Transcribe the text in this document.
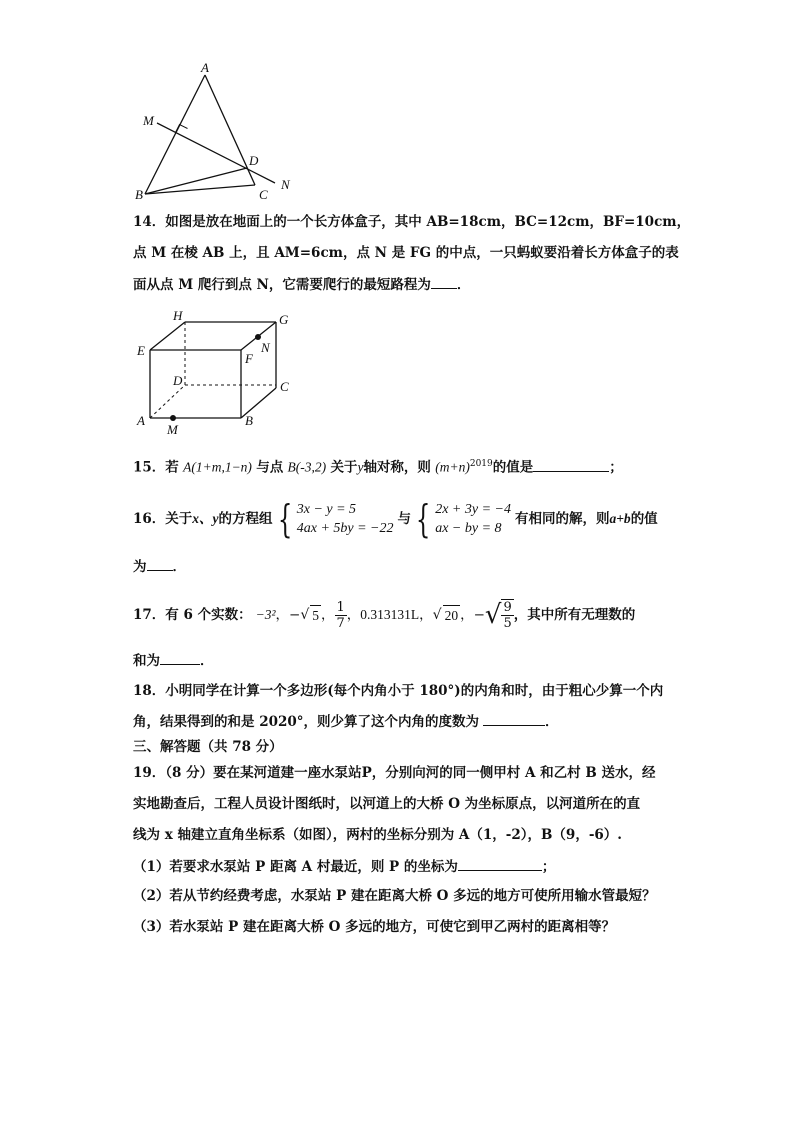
A
M
D
N
B	C
14．如图是放在地面上的一个长方体盒子，其中 AB=18cm，BC=12cm，BF=10cm，
点 M 在棱 AB 上，且 AM=6cm，点 N 是 FG 的中点，一只蚂蚁要沿着长方体盒子的表
面从点 M 爬行到点 N，它需要爬行的最短路程为 ．
H	G
E	N
F
D	C
A	B
M
15．若 A(1+m,1−n) 与点 B(-3,2) 关于y轴对称，则 $(m+n)^{2019}$的值是	；
16．关于 x、y 的方程组 { 3x − y = 5
4ax + 5by = −22
与 { 2x + 3y = −4
ax − by = 8
有相同的解，则 a+b 的值
为 ．
17．有 6 个实数： −3² ， − √ 5 ， $\frac{1}{7}$ ， 0.313131L ， √ 20 ， − √ $\frac{9}{5}$ ，其中所有无理数的
和为	．
18．小明同学在计算一个多边形(每个内角小于 180°)的内角和时，由于粗心少算一个内
角，结果得到的和是 2020°，则少算了这个内角的度数为	．
三、解答题（共 78 分）
19．（8 分）要在某河道建一座水泵站P，分别向河的同一侧甲村 A 和乙村 B 送水，经
实地勘查后，工程人员设计图纸时，以河道上的大桥 O 为坐标原点，以河道所在的直
线为 x 轴建立直角坐标系（如图），两村的坐标分别为 A（1，-2），B（9，-6）.
（1）若要求水泵站 P 距离 A 村最近，则 P 的坐标为	；
（2）若从节约经费考虑，水泵站 P 建在距离大桥 O 多远的地方可使所用输水管最短？
（3）若水泵站 P 建在距离大桥 O 多远的地方，可使它到甲乙两村的距离相等？
